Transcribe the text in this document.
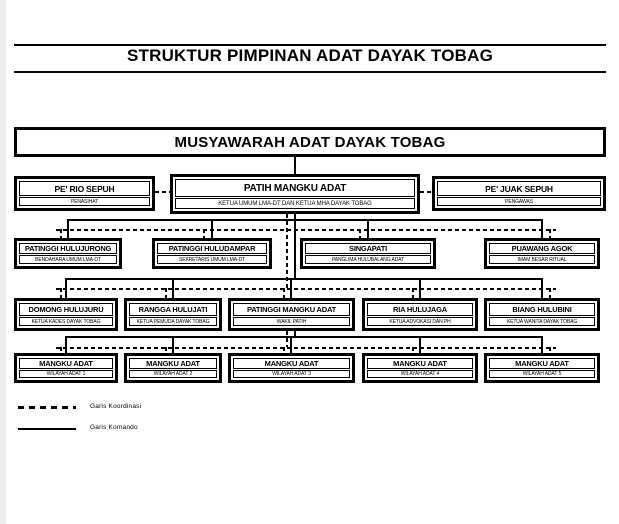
STRUKTUR PIMPINAN ADAT DAYAK TOBAG
MUSYAWARAH ADAT DAYAK TOBAG
PE' RIO SEPUH
PENASIHAT
PATIH MANGKU ADAT
KETUA UMUM LMA-DT DAN KETUA MHA DAYAK TOBAG
PE' JUAK SEPUH
PENGAWAS
PATINGGI HULUJURONG
BENDAHARA UMUM LMA-DT
PATINGGI HULUDAMPAR
SEKRETARIS UMUM LMA-DT
SINGAPATI
PANGLIMA HULUBALANG ADAT
PUAWANG AGOK
IMAM BESAR RITUAL
DOMONG HULUJURU
KETUA KADES DAYAK TOBAG
RANGGA HULUJATI
KETUA PEMUDA DAYAK TOBAG
PATINGGI MANGKU ADAT
WAKIL PATIH
RIA HULUJAGA
KETUA ADVOKASI DAN PH
BIANG HULUBINI
KETUA WANITA DAYAK TOBAG
MANGKU ADAT
WILAYAH ADAT 1
MANGKU ADAT
WILAYAH ADAT 2
MANGKU ADAT
WILAYAH ADAT 3
MANGKU ADAT
WILAYAH ADAT 4
MANGKU ADAT
WILAYAH ADAT 5
Garis Koordinasi
Garis Komando
